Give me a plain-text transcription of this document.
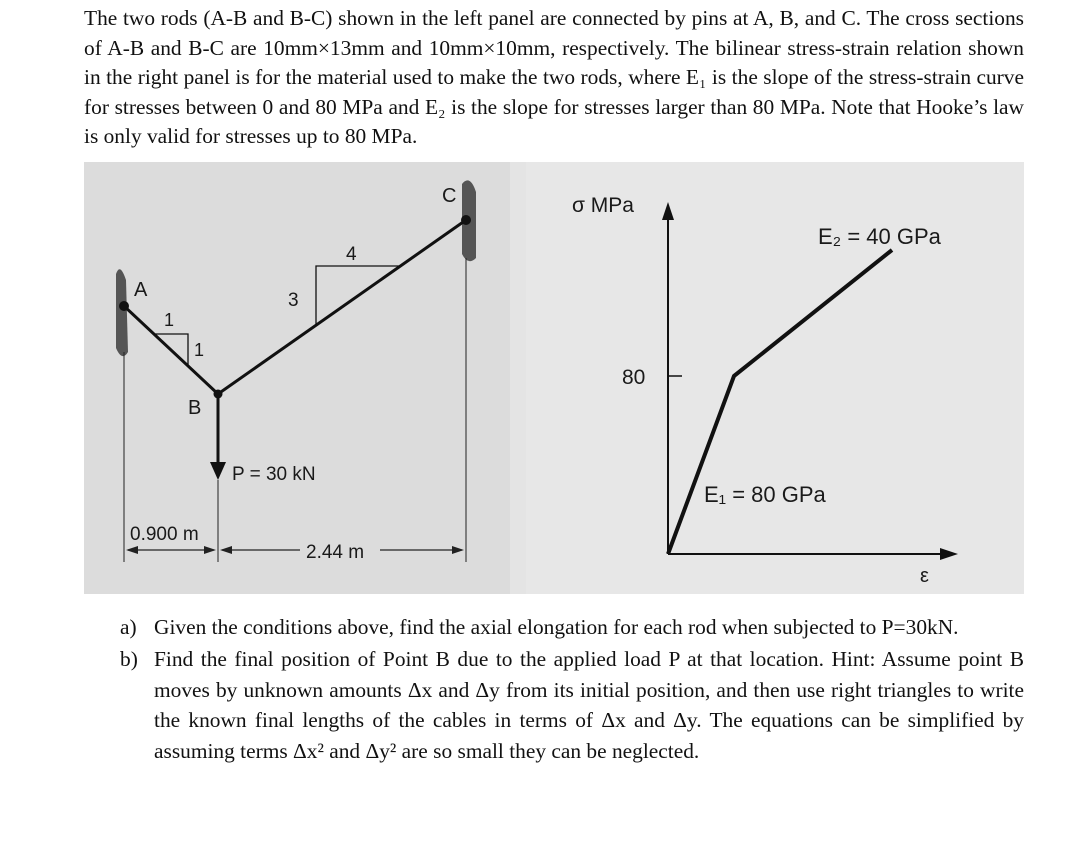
The two rods (A-B and B-C) shown in the left panel are connected by pins at A, B, and C. The cross sections of A-B and B-C are 10mm×13mm and 10mm×10mm, respectively. The bilinear stress-strain relation shown in the right panel is for the material used to make the two rods, where E₁ is the slope of the stress-strain curve for stresses between 0 and 80 MPa and E₂ is the slope for stresses larger than 80 MPa. Note that Hooke’s law is only valid for stresses up to 80 MPa.

A
B
C
1
1
3
4
P = 30 kN
0.900 m
2.44 m
σ MPa
80
E₂ = 40 GPa
E₁ = 80 GPa
ε
a) Given the conditions above, find the axial elongation for each rod when subjected to P=30kN.
b) Find the final position of Point B due to the applied load P at that location. Hint: Assume point B moves by unknown amounts Δx and Δy from its initial position, and then use right triangles to write the known final lengths of the cables in terms of Δx and Δy. The equations can be simplified by assuming terms Δx² and Δy² are so small they can be neglected.
